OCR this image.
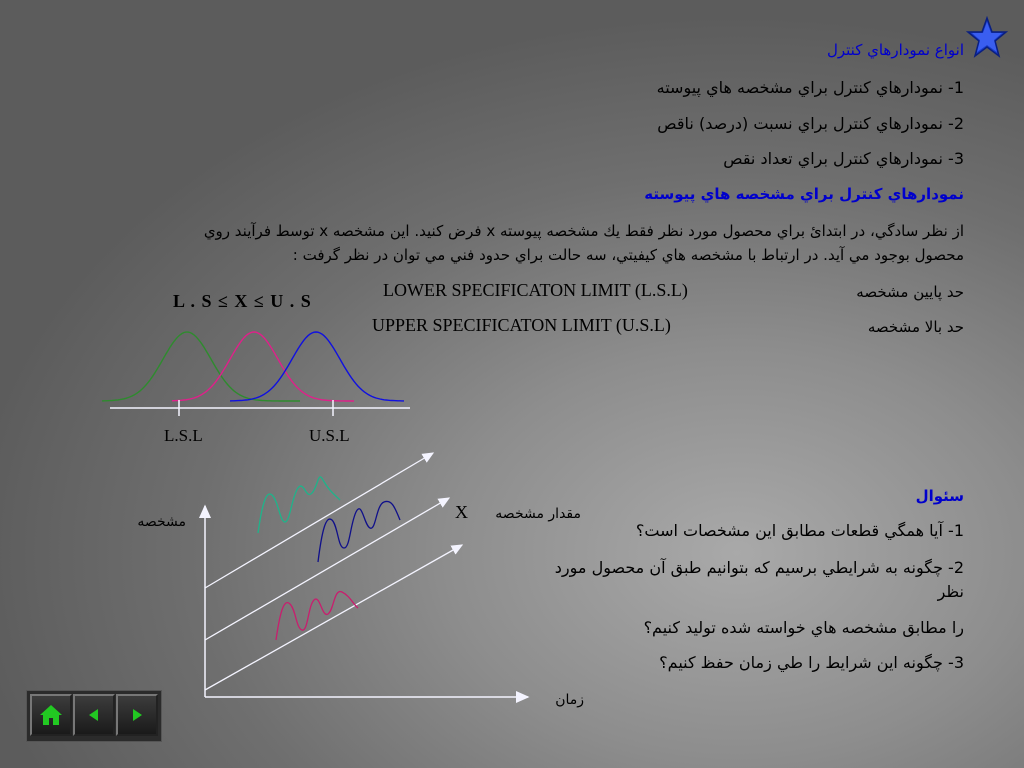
انواع نمودارهاي كنترل
1- نمودارهاي كنترل براي مشخصه هاي پيوسته
2- نمودارهاي كنترل براي نسبت (درصد) ناقص
3- نمودارهاي كنترل براي تعداد نقص
نمودارهاي كنترل براي مشخصه هاي پيوسته
از نظر سادگي، در ابتدائ براي محصول مورد نظر فقط يك مشخصه پيوسته x فرض كنيد. اين مشخصه x توسط فرآيند روي محصول بوجود مي آيد. در ارتباط با مشخصه هاي كيفيتي، سه حالت براي حدود فني مي توان در نظر گرفت :
حد پايين مشخصه
LOWER SPECIFICATON LIMIT (L.S.L)
حد بالا مشخصه
UPPER SPECIFICATON LIMIT (U.S.L)
L . S ≤ X ≤ U . S
L.S.L	U.S.L
مشخصه
زمان
مقدار مشخصه
X
سئوال
1- آيا همگي قطعات مطابق اين مشخصات است؟
2- چگونه به شرايطي برسيم كه بتوانيم طبق آن محصول مورد نظر
را مطابق مشخصه هاي خواسته شده توليد كنيم؟
3- چگونه اين شرايط را طي زمان حفظ كنيم؟
